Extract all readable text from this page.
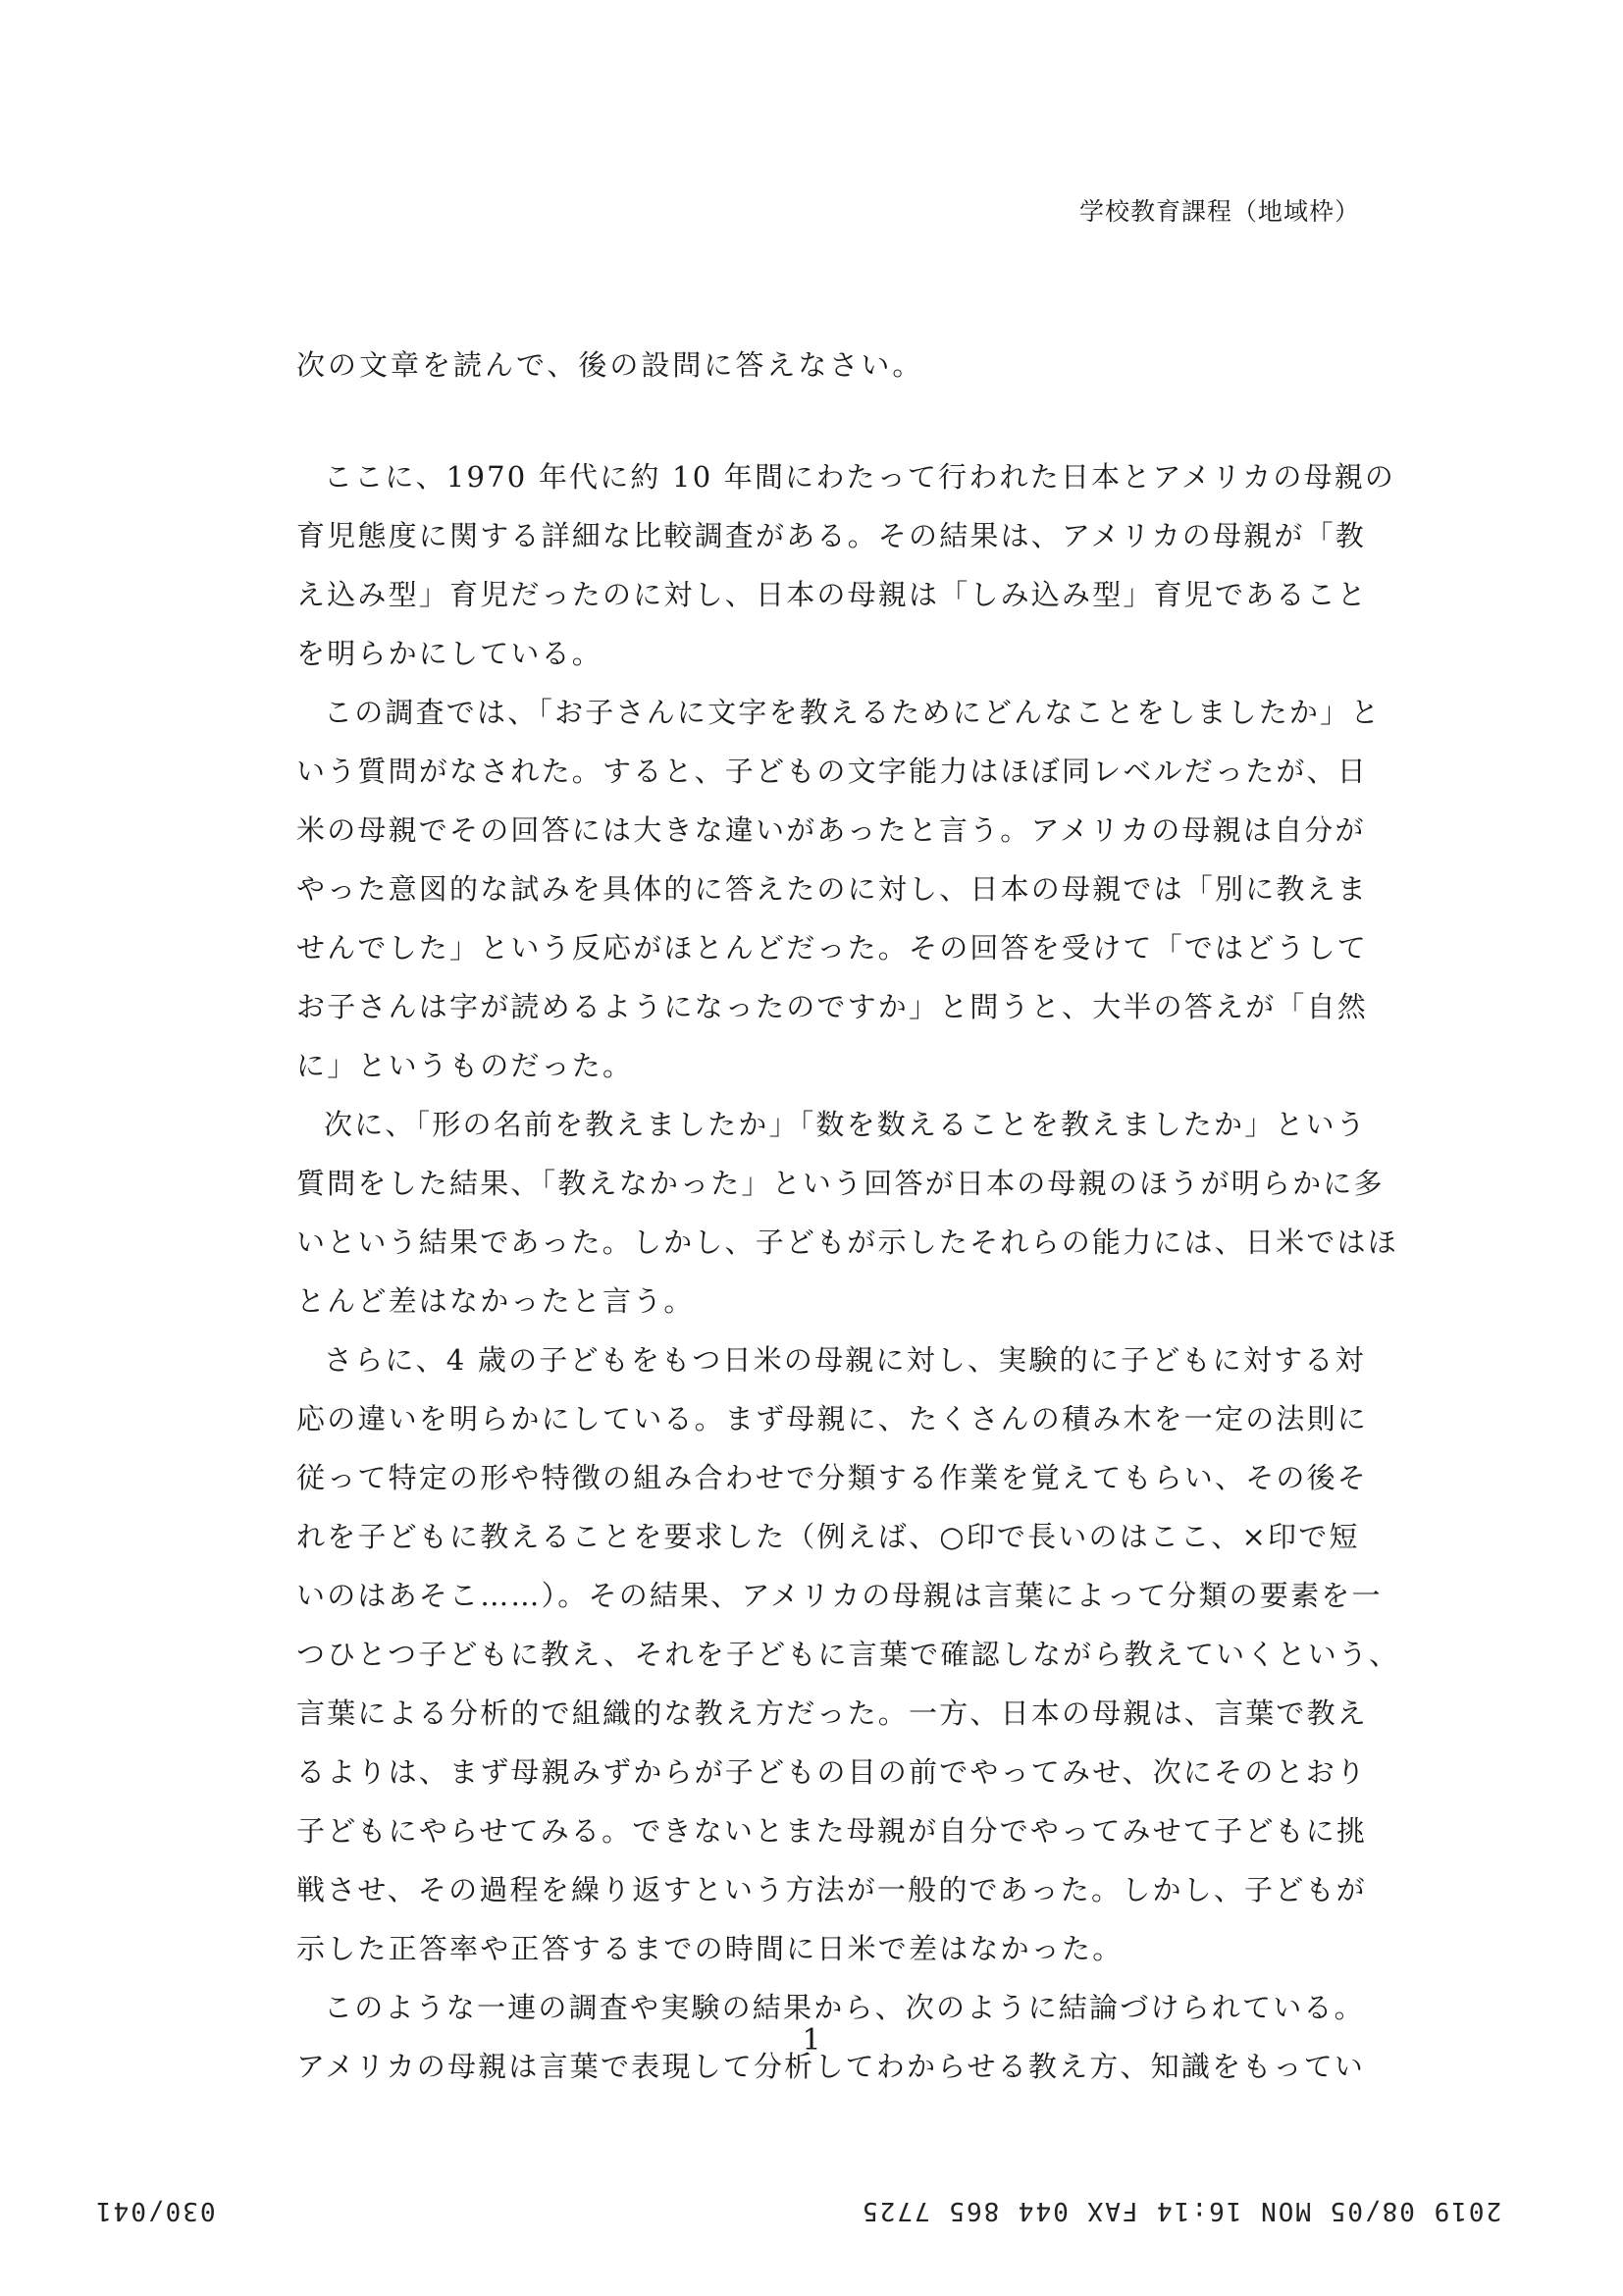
学校教育課程（地域枠）
次の文章を読んで、後の設問に答えなさい。
ここに、1970 年代に約 10 年間にわたって行われた日本とアメリカの母親の
育児態度に関する詳細な比較調査がある。その結果は、アメリカの母親が「教
え込み型」育児だったのに対し、日本の母親は「しみ込み型」育児であること
を明らかにしている。
この調査では、「お子さんに文字を教えるためにどんなことをしましたか」と
いう質問がなされた。すると、子どもの文字能力はほぼ同レベルだったが、日
米の母親でその回答には大きな違いがあったと言う。アメリカの母親は自分が
やった意図的な試みを具体的に答えたのに対し、日本の母親では「別に教えま
せんでした」という反応がほとんどだった。その回答を受けて「ではどうして
お子さんは字が読めるようになったのですか」と問うと、大半の答えが「自然
に」というものだった。
次に、「形の名前を教えましたか」「数を数えることを教えましたか」という
質問をした結果、「教えなかった」という回答が日本の母親のほうが明らかに多
いという結果であった。しかし、子どもが示したそれらの能力には、日米ではほ
とんど差はなかったと言う。
さらに、4 歳の子どもをもつ日米の母親に対し、実験的に子どもに対する対
応の違いを明らかにしている。まず母親に、たくさんの積み木を一定の法則に
従って特定の形や特徴の組み合わせで分類する作業を覚えてもらい、その後そ
れを子どもに教えることを要求した（例えば、○印で長いのはここ、×印で短
いのはあそこ……）。その結果、アメリカの母親は言葉によって分類の要素を一
つひとつ子どもに教え、それを子どもに言葉で確認しながら教えていくという、
言葉による分析的で組織的な教え方だった。一方、日本の母親は、言葉で教え
るよりは、まず母親みずからが子どもの目の前でやってみせ、次にそのとおり
子どもにやらせてみる。できないとまた母親が自分でやってみせて子どもに挑
戦させ、その過程を繰り返すという方法が一般的であった。しかし、子どもが
示した正答率や正答するまでの時間に日米で差はなかった。
このような一連の調査や実験の結果から、次のように結論づけられている。
アメリカの母親は言葉で表現して分析してわからせる教え方、知識をもってい
1
030/041	2019 08/05 MON 16:14 FAX 044 865 7725
